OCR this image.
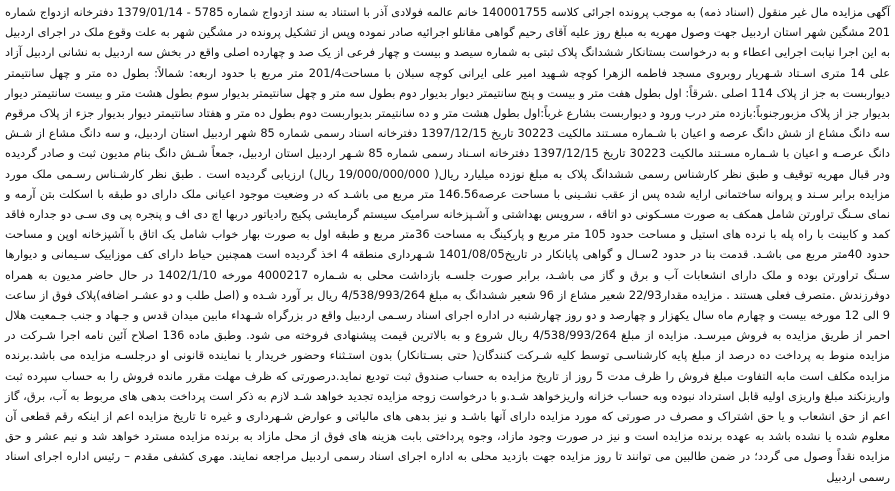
آگهی مزایده مال غیر منقول (اسناد ذمه) به موجب پرونده اجرائی کلاسه 140001755 خانم عالمه فولادی آذر با استناد به سند ازدواج شماره 5785 - 1379/01/14 دفترخانه ازدواج شماره 201 مشگین شهر استان اردبیل جهت وصول مهریه به مبلغ روز علیه آقای رحیم گواهی مقانلو اجرائیه صادر نموده وپس از تشکیل پرونده در مشگین شهر به علت وقوع ملک در اجرای اردبیل به این اجرا نیابت اجرایی اعطاء و به درخواست بستانکار ششدانگ پلاک ثبتی به شماره سیصد و بیست و چهار فرعی از یک صد و چهارده اصلی واقع در بخش سه اردبیل به نشانی اردبیل آزاد علی 14 متری اسـتاد شـهریار روبروی مسجد فاطمه الزهرا کوچه شـهید امیر علی ایرانی کوچه سبلان با مساحت201/4 متر مربع با حدود اربعه: شمالاً: بطول ده متر و چهل سانتیمتر دیواربست به جز از پلاک 114 اصلی .شرقاً: اول بطول هفت متر و بیست و پنج سانتیمتر دیوار بدیوار دوم بطول سه متر و چهل سانتیمتر بدیوار سوم بطول هشت متر و بیست سانتیمتر دیوار بدیوار جز از پلاک مزبورجنوباً:بازده متر درب ورود و دیواربست بشارع غرباً:اول بطول هشت متر و ده سانتیمتر بدیواربست دوم بطول ده متر و هفتاد سانتیمتر دیوار بدیوار جزء از پلاک مرقوم سه دانگ مشاع از شش دانگ عرصه و اعیان با شـماره مسـتند مالکیت 30223 تاریخ 1397/12/15 دفترخانه اسناد رسمی شماره 85 شهر اردبیل استان اردبیل، و سه دانگ مشاع از شـش دانگ عرصـه و اعیان با شـماره مسـتند مالکیت 30223 تاریخ 1397/12/15 دفترخانه اسـناد رسمی شماره 85 شـهر اردبیل استان اردبیل، جمعاً شـش دانگ بنام مدیون ثبت و صادر گردیده ودر قبال مهریه توقیف و طبق نظر کارشناس رسمی ششدانگ پلاک به مبلغ نوزده میلیارد ریال( 19/000/000/000 ریال) ارزیابی گردیده است . طبق نظر کارشـناس رسـمی ملک مورد مزایده برابر سـند و پروانه ساختمانی ارایه شده پس از عقب نشـینی با مساحت عرصه146.56 متر مربع می باشـد که در وضعیت موجود اعیانی ملک دارای دو طبقه با اسکلت بتن آرمه و نمای سـنگ تراورتن شامل همکف به صورت مسـکونی دو اتاقه ، سرویس بهداشتی و آشـپزخانه سرامیک سیستم گرمایشی پکیج رادیاتور دربها اچ دی اف و پنجره پی وی سـی دو جداره فاقد کمد و کابینت با راه پله با نرده های استیل و مساحت حدود 105 متر مربع و پارکینگ به مساحت 36متر مربع و طبقه اول به صورت بهار خواب شامل یک اتاق با آشپزخانه اوپن و مساحت حدود 40متر مربع می باشـد. قدمت بنا در حدود 2سـال و گواهی پایانکار در تاریخ1401/08/05 شـهرداری منطقه 4 اخذ گردیده است همچنین حیاط دارای کف موزاییک سـیمانی و دیوارها سـنگ تراورتن بوده و ملک دارای انشعابات آب و برق و گاز می باشـد، برابر صورت جلسـه بازداشت محلی به شـماره 4000217 مورخه 1402/1/10 در حال حاضر مدیون به همراه دوفرزندش .متصرف فعلی هستند . مزایده مقدار22/93 شعیر مشاع از 96 شعیر ششدانگ به مبلغ 4/538/993/264 ریال بر آورد شـده و (اصل طلب و دو عشـر اضافه)پلاک فوق از ساعت 9 الی 12 مورخه بیست و چهارم ماه سال یکهزار و چهارصد و دو روز چهارشنبه در اداره اجرای اسناد رسـمی اردبیل واقع در بزرگراه شـهداء مابین میدان قدس و جـهاد و جنب جـمعیت هلال احمر از طریق مزایده به فروش میرسـد. مزایده از مبلغ 4/538/993/264 ریال شروع و به بالاترین قیمت پیشنهادی فروخته می شود. وطبق ماده 136 اصلاح آئین نامه اجرا شـرکت در مزایده منوط به پرداخت ده درصد از مبلغ پایه کارشناسـی توسط کلیه شـرکت کنندگان( حتی بسـتانکار) بدون استـثناء وحضور خریدار یا نماینده قانونی او درجلسـه مزایده می باشد.برنده مزایده مکلف است مابه التفاوت مبلغ فروش را ظرف مدت 5 روز از تاریخ مزایده به حساب صندوق ثبت تودیع نماید.درصورتی که ظرف مهلت مقرر مانده فروش را به حساب سپرده ثبت واریزنکند مبلغ واریزی اولیه قابل استرداد نبوده وبه حساب خزانه واریزخواهد شـد.و با درخواست زوجه مزایده تجدید خواهد شـد لازم به ذکر است پرداخت بدهی های مربوط به آب، برق، گاز اعم از حق انشعاب و یا حق اشتراک و مصرف در صورتی که مورد مزایده دارای آنها باشـد و نیز بدهی های مالیاتی و عوارض شـهرداری و غیره تا تاریخ مزایده اعم از اینکه رقم قطعی آن معلوم شده یا نشده باشد به عهده برنده مزایده است و نیز در صورت وجود مازاد، وجوه پرداختی بابت هزینه های فوق از محل مازاد به برنده مزایده مسترد خواهد شد و نیم عشر و حق مزایده نقداً وصول می گردد؛ در ضمن طالبین می توانند تا روز مزایده جهت بازدید محلی به اداره اجرای اسناد رسمی اردبیل مراجعه نمایند. مهری کشفی مقدم – رئیس اداره اجرای اسناد رسمی اردبیل
